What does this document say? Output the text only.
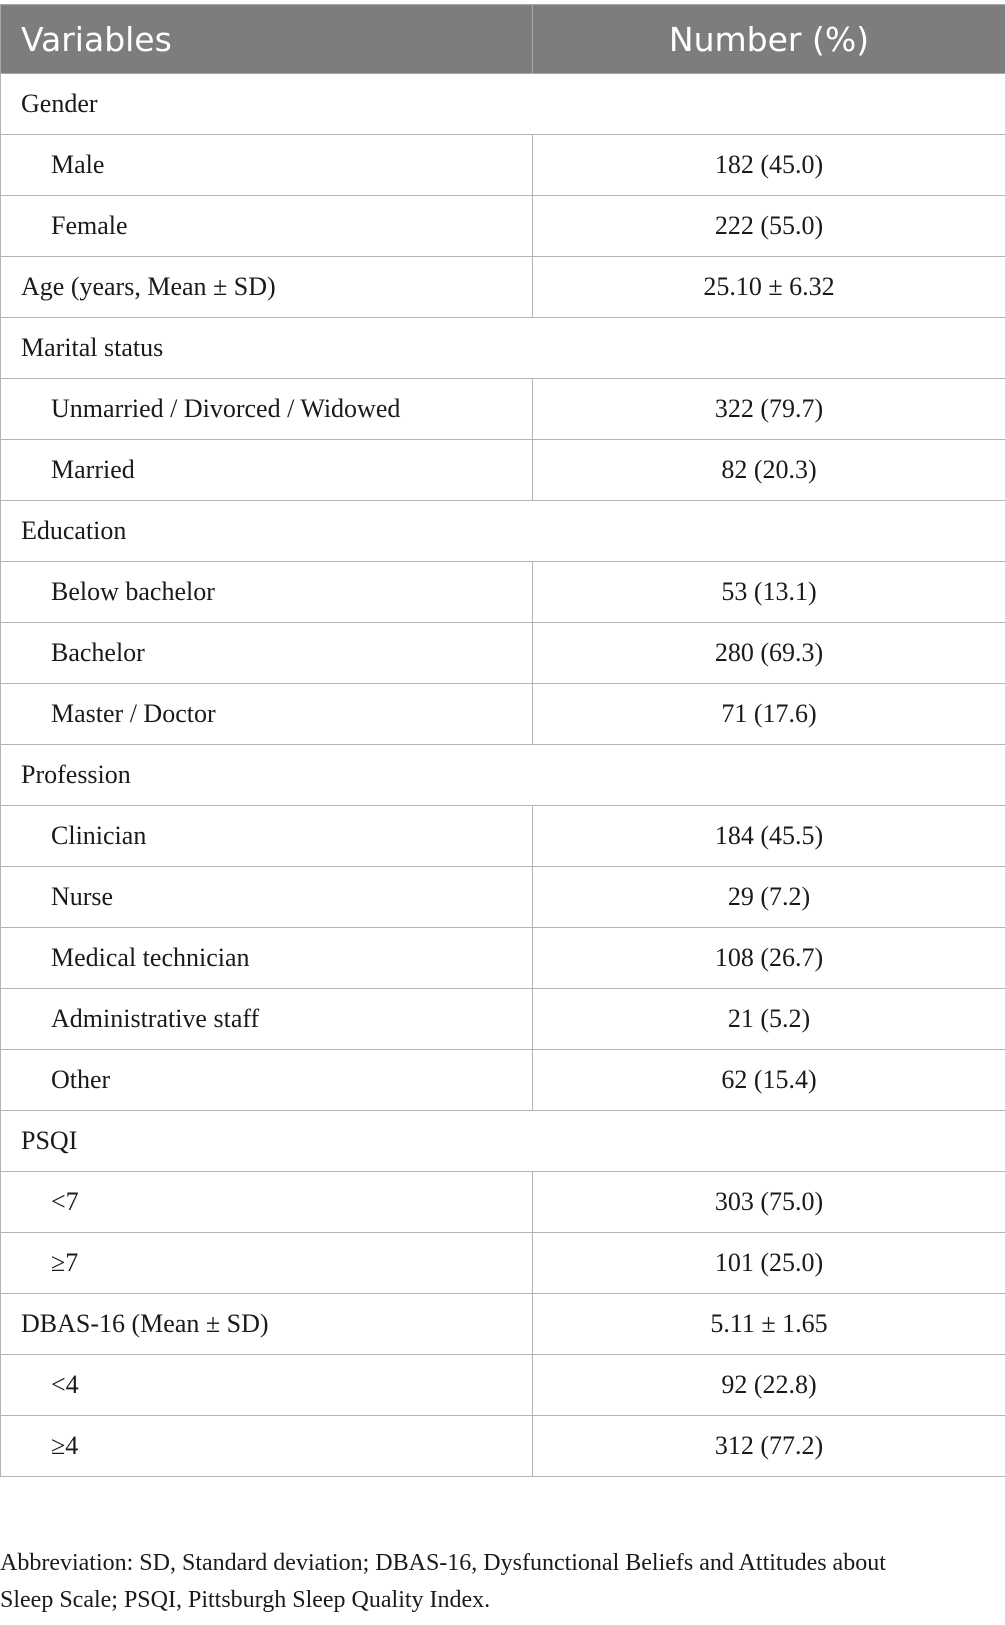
Variables	Number (%)
Gender	
Male	182 (45.0)
Female	222 (55.0)
Age (years, Mean ± SD)	25.10 ± 6.32
Marital status	
Unmarried / Divorced / Widowed	322 (79.7)
Married	82 (20.3)
Education	
Below bachelor	53 (13.1)
Bachelor	280 (69.3)
Master / Doctor	71 (17.6)
Profession	
Clinician	184 (45.5)
Nurse	29 (7.2)
Medical technician	108 (26.7)
Administrative staff	21 (5.2)
Other	62 (15.4)
PSQI	
<7	303 (75.0)
≥7	101 (25.0)
DBAS-16 (Mean ± SD)	5.11 ± 1.65
<4	92 (22.8)
≥4	312 (77.2)
Abbreviation: SD, Standard deviation; DBAS-16, Dysfunctional Beliefs and Attitudes about
Sleep Scale; PSQI, Pittsburgh Sleep Quality Index.
